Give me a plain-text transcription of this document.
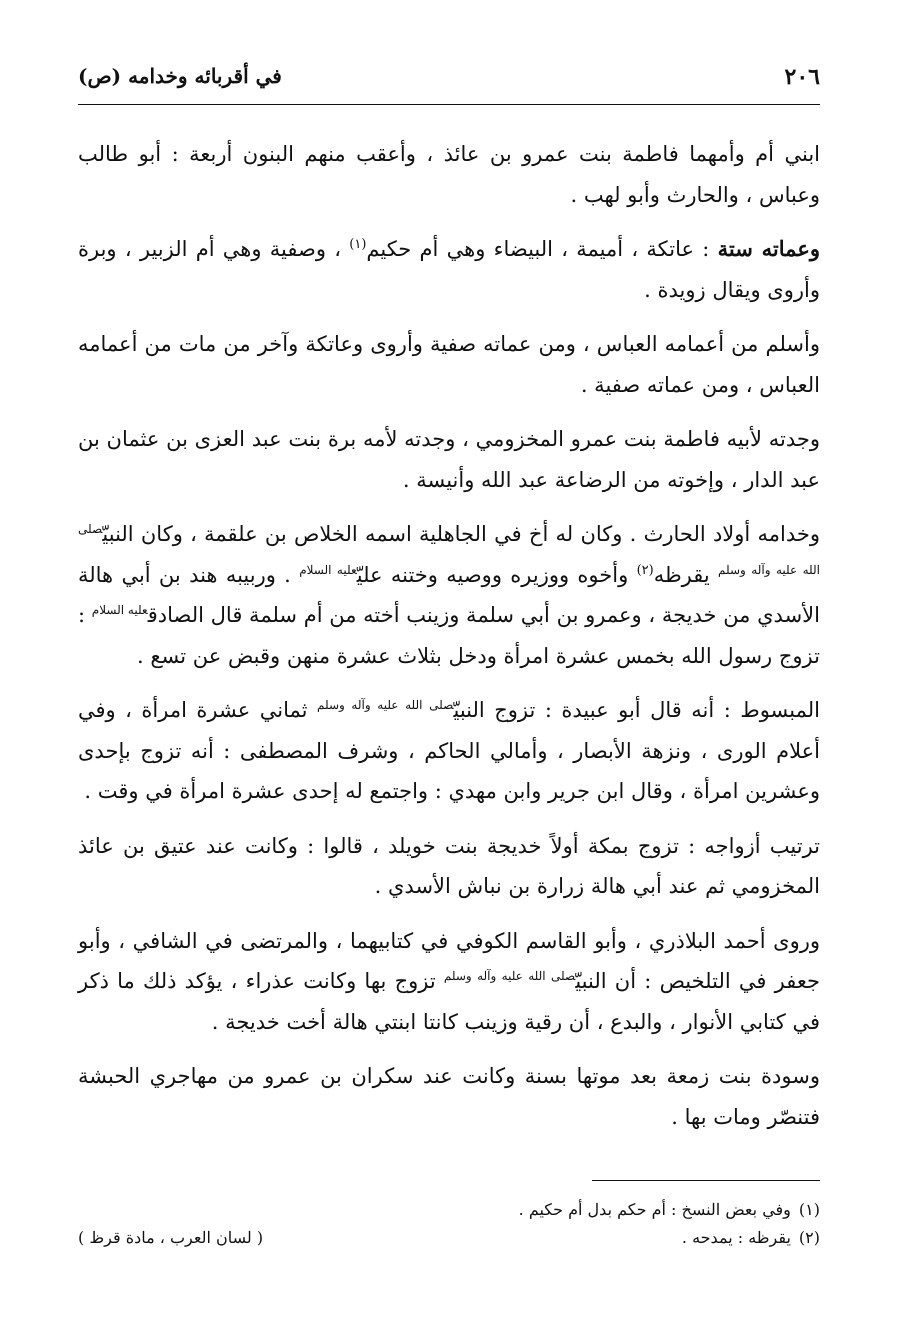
٢٠٦
في أقربائه وخدامه (ص)

ابني أم وأمهما فاطمة بنت عمرو بن عائذ ، وأعقب منهم البنون أربعة : أبو طالب وعباس ، والحارث وأبو لهب .

وعماته ستة : عاتكة ، أميمة ، البيضاء وهي أم حكيم$^{(١)}$ ، وصفية وهي أم الزبير ، وبرة وأروى ويقال زويدة .

وأسلم من أعمامه العباس ، ومن عماته صفية وأروى وعاتكة وآخر من مات من أعمامه العباس ، ومن عماته صفية .

وجدته لأبيه فاطمة بنت عمرو المخزومي ، وجدته لأمه برة بنت عبد العزى بن عثمان بن عبد الدار ، وإخوته من الرضاعة عبد الله وأنيسة .

وخدامه أولاد الحارث . وكان له أخ في الجاهلية اسمه الخلاص بن علقمة ، وكان النبيّ$^{صلى الله عليه وآله وسلم}$ يقرظه$^{(٢)}$ وأخوه ووزيره ووصيه وختنه عليّ$^{عليه السلام}$ . وربيبه هند بن أبي هالة الأسدي من خديجة ، وعمرو بن أبي سلمة وزينب أخته من أم سلمة قال الصادق$^{عليه السلام}$ : تزوج رسول الله بخمس عشرة امرأة ودخل بثلاث عشرة منهن وقبض عن تسع .

المبسوط : أنه قال أبو عبيدة : تزوج النبيّ$^{صلى الله عليه وآله وسلم}$ ثماني عشرة امرأة ، وفي أعلام الورى ، ونزهة الأبصار ، وأمالي الحاكم ، وشرف المصطفى : أنه تزوج بإحدى وعشرين امرأة ، وقال ابن جرير وابن مهدي : واجتمع له إحدى عشرة امرأة في وقت .

ترتيب أزواجه : تزوج بمكة أولاً خديجة بنت خويلد ، قالوا : وكانت عند عتيق بن عائذ المخزومي ثم عند أبي هالة زرارة بن نباش الأسدي .

وروى أحمد البلاذري ، وأبو القاسم الكوفي في كتابيهما ، والمرتضى في الشافي ، وأبو جعفر في التلخيص : أن النبيّ$^{صلى الله عليه وآله وسلم}$ تزوج بها وكانت عذراء ، يؤكد ذلك ما ذكر في كتابي الأنوار ، والبدع ، أن رقية وزينب كانتا ابنتي هالة أخت خديجة .

وسودة بنت زمعة بعد موتها بسنة وكانت عند سكران بن عمرو من مهاجري الحبشة فتنصّر ومات بها .

(١)وفي بعض النسخ : أم حكم بدل أم حكيم .
(٢)يقرظه : يمدحه .
( لسان العرب ، مادة قرظ )
